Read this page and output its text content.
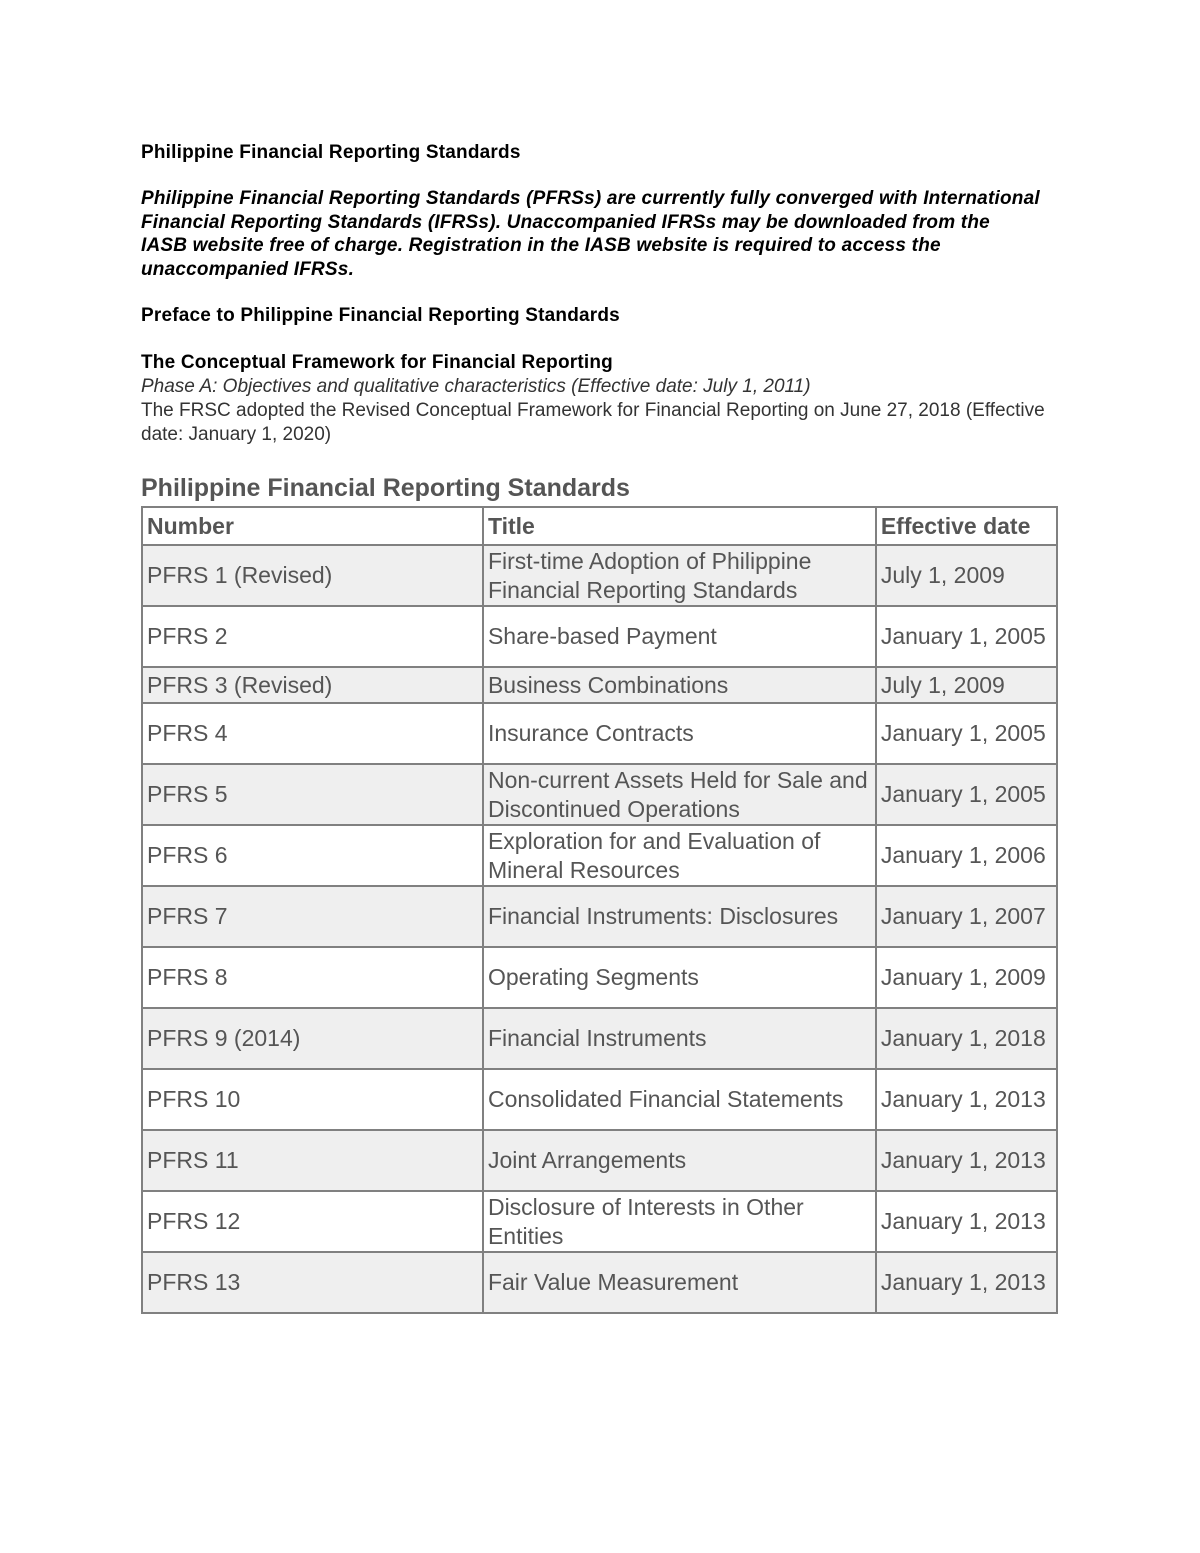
Philippine Financial Reporting Standards

Philippine Financial Reporting Standards (PFRSs) are currently fully converged with International Financial Reporting Standards (IFRSs). Unaccompanied IFRSs may be downloaded from the IASB website free of charge. Registration in the IASB website is required to access the unaccompanied IFRSs.

Preface to Philippine Financial Reporting Standards

The Conceptual Framework for Financial Reporting

Phase A: Objectives and qualitative characteristics (Effective date: July 1, 2011)

The FRSC adopted the Revised Conceptual Framework for Financial Reporting on June 27, 2018 (Effective date: January 1, 2020)

Philippine Financial Reporting Standards
Number	Title	Effective date
PFRS 1 (Revised)	First-time Adoption of Philippine Financial Reporting Standards	July 1, 2009
PFRS 2	Share-based Payment	January 1, 2005
PFRS 3 (Revised)	Business Combinations	July 1, 2009
PFRS 4	Insurance Contracts	January 1, 2005
PFRS 5	Non-current Assets Held for Sale and Discontinued Operations	January 1, 2005
PFRS 6	Exploration for and Evaluation of Mineral Resources	January 1, 2006
PFRS 7	Financial Instruments: Disclosures	January 1, 2007
PFRS 8	Operating Segments	January 1, 2009
PFRS 9 (2014)	Financial Instruments	January 1, 2018
PFRS 10	Consolidated Financial Statements	January 1, 2013
PFRS 11	Joint Arrangements	January 1, 2013
PFRS 12	Disclosure of Interests in Other Entities	January 1, 2013
PFRS 13	Fair Value Measurement	January 1, 2013
